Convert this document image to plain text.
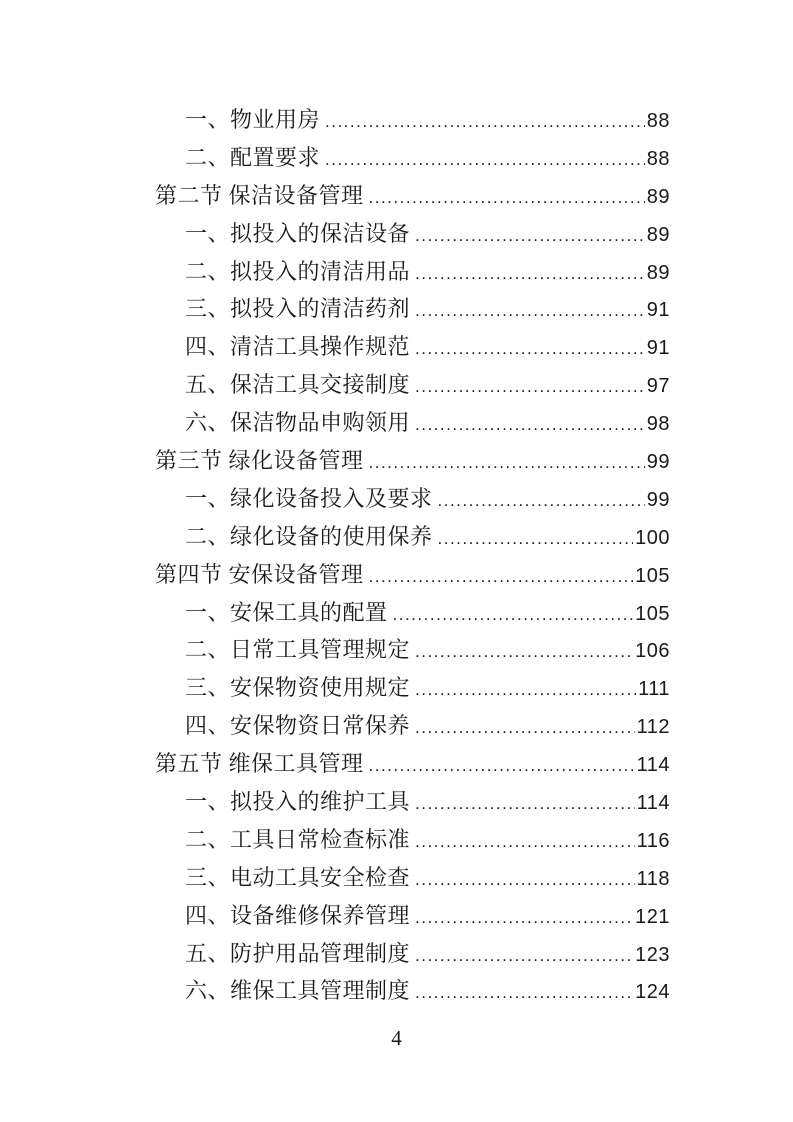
一、物业用房 .....	88
二、配置要求 .....	88
第二节 保洁设备管理 .....	89
一、拟投入的保洁设备 .....	89
二、拟投入的清洁用品 .....	89
三、拟投入的清洁药剂 .....	91
四、清洁工具操作规范 .....	91
五、保洁工具交接制度 .....	97
六、保洁物品申购领用 .....	98
第三节 绿化设备管理 .....	99
一、绿化设备投入及要求 .....	99
二、绿化设备的使用保养 .....	100
第四节 安保设备管理 .....	105
一、安保工具的配置 .....	105
二、日常工具管理规定 .....	106
三、安保物资使用规定 .....	111
四、安保物资日常保养 .....	112
第五节 维保工具管理 .....	114
一、拟投入的维护工具 .....	114
二、工具日常检查标准 .....	116
三、电动工具安全检查 .....	118
四、设备维修保养管理 .....	121
五、防护用品管理制度 .....	123
六、维保工具管理制度 .....	124
4
